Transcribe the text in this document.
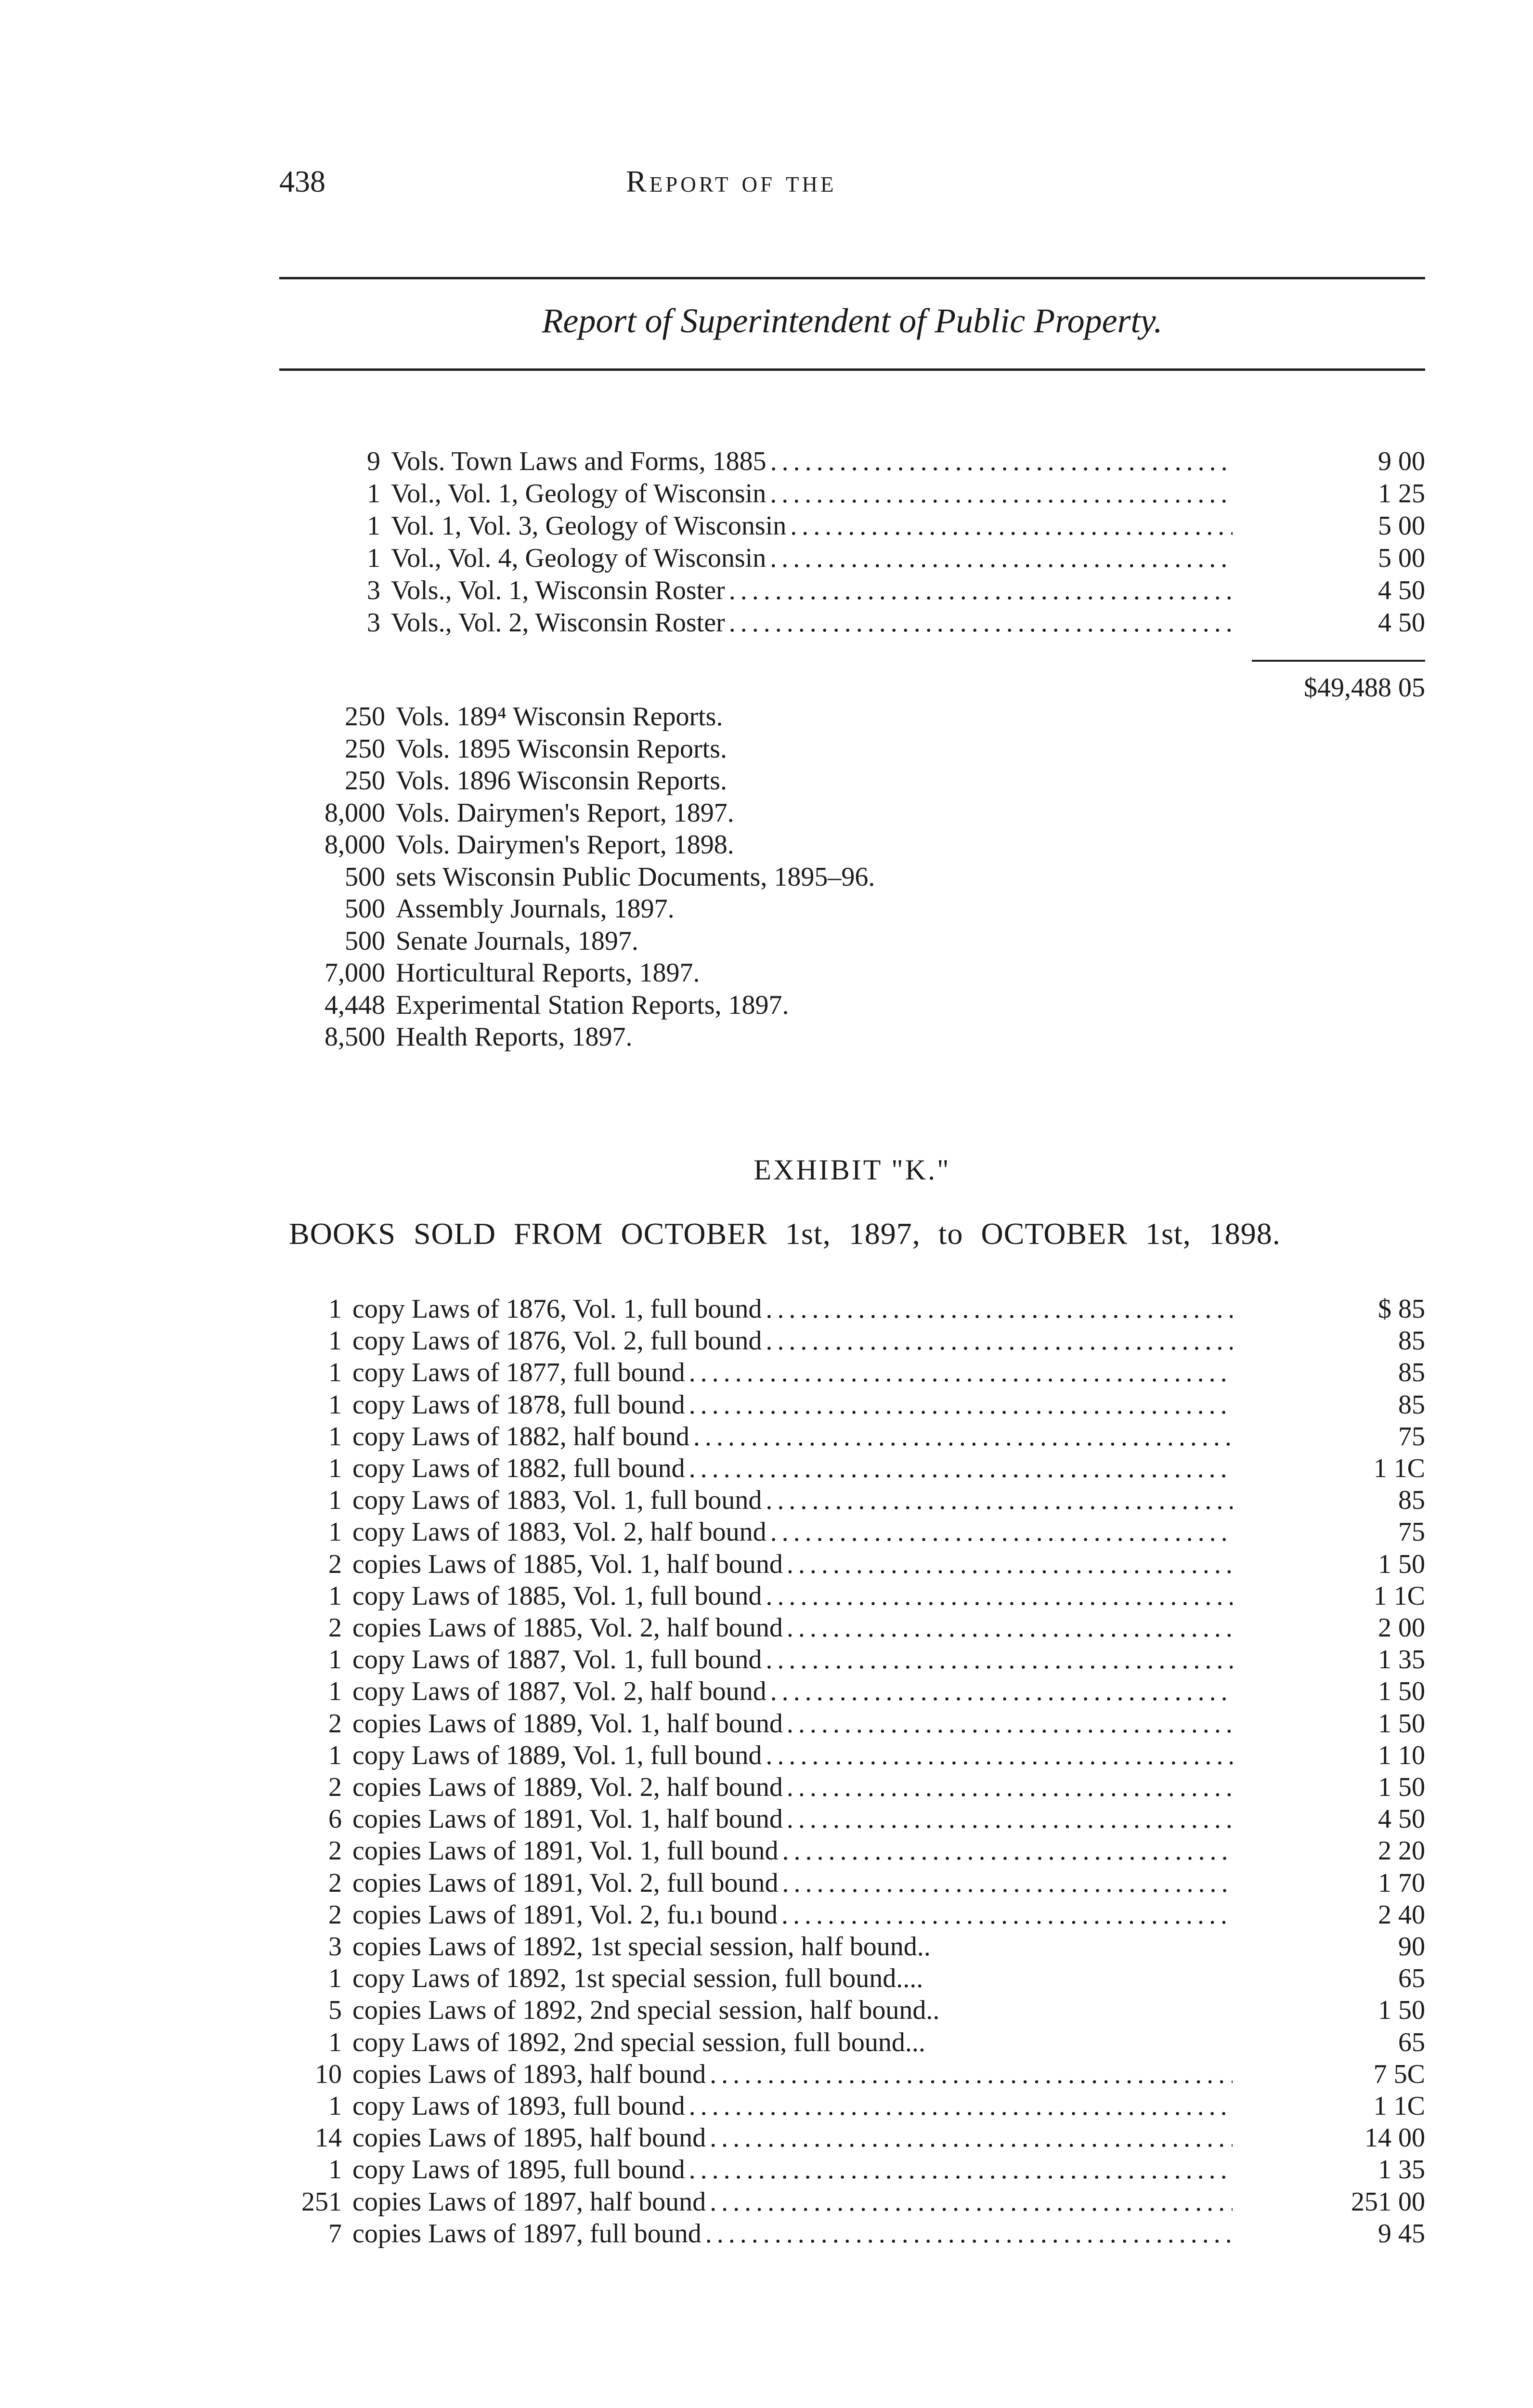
438	Report of the
Report of Superintendent of Public Property.
9 Vols. Town Laws and Forms, 1885 . . .	9 00
1 Vol., Vol. 1, Geology of Wisconsin . . .	1 25
1 Vol. 1, Vol. 3, Geology of Wisconsin . . .	5 00
1 Vol., Vol. 4, Geology of Wisconsin . . .	5 00
3 Vols., Vol. 1, Wisconsin Roster . . .	4 50
3 Vols., Vol. 2, Wisconsin Roster . . .	4 50
$49,488 05
250 Vols. 189⁴ Wisconsin Reports.
250 Vols. 1895 Wisconsin Reports.
250 Vols. 1896 Wisconsin Reports.
8,000 Vols. Dairymen's Report, 1897.
8,000 Vols. Dairymen's Report, 1898.
500 sets Wisconsin Public Documents, 1895–96.
500 Assembly Journals, 1897.
500 Senate Journals, 1897.
7,000 Horticultural Reports, 1897.
4,448 Experimental Station Reports, 1897.
8,500 Health Reports, 1897.
EXHIBIT "K."
BOOKS SOLD FROM OCTOBER 1st, 1897, to OCTOBER 1st, 1898.
1 copy Laws of 1876, Vol. 1, full bound . . .	$ 85
1 copy Laws of 1876, Vol. 2, full bound . . .	85
1 copy Laws of 1877, full bound . . .	85
1 copy Laws of 1878, full bound . . .	85
1 copy Laws of 1882, half bound . . .	75
1 copy Laws of 1882, full bound . . .	1 1C
1 copy Laws of 1883, Vol. 1, full bound . . .	85
1 copy Laws of 1883, Vol. 2, half bound . . .	75
2 copies Laws of 1885, Vol. 1, half bound . . .	1 50
1 copy Laws of 1885, Vol. 1, full bound . . .	1 1C
2 copies Laws of 1885, Vol. 2, half bound . . .	2 00
1 copy Laws of 1887, Vol. 1, full bound . . .	1 35
1 copy Laws of 1887, Vol. 2, half bound . . .	1 50
2 copies Laws of 1889, Vol. 1, half bound . . .	1 50
1 copy Laws of 1889, Vol. 1, full bound . . .	1 10
2 copies Laws of 1889, Vol. 2, half bound . . .	1 50
6 copies Laws of 1891, Vol. 1, half bound . . .	4 50
2 copies Laws of 1891, Vol. 1, full bound . . .	2 20
2 copies Laws of 1891, Vol. 2, full bound . . .	1 70
2 copies Laws of 1891, Vol. 2, fu.ı bound . . .	2 40
3 copies Laws of 1892, 1st special session, half bound..	90
1 copy Laws of 1892, 1st special session, full bound....	65
5 copies Laws of 1892, 2nd special session, half bound..	1 50
1 copy Laws of 1892, 2nd special session, full bound...	65
10 copies Laws of 1893, half bound . . .	7 5C
1 copy Laws of 1893, full bound . . .	1 1C
14 copies Laws of 1895, half bound . . .	14 00
1 copy Laws of 1895, full bound . . .	1 35
251 copies Laws of 1897, half bound . . .	251 00
7 copies Laws of 1897, full bound . . .	9 45
